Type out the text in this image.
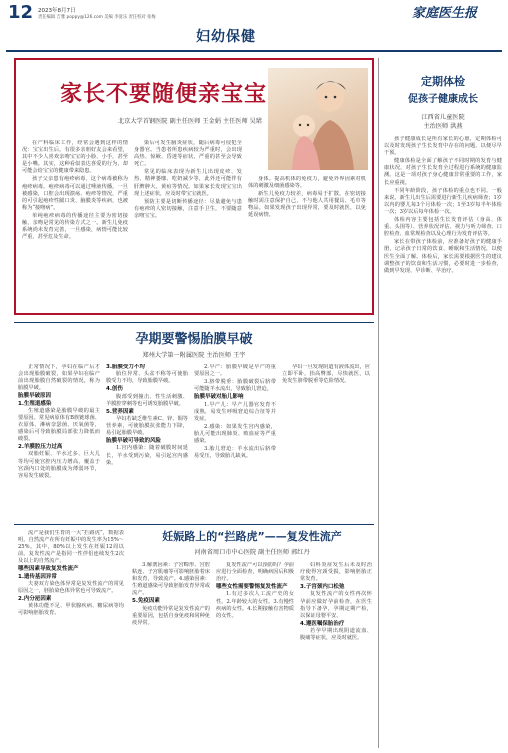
12 2023年8月7日
责任编辑 吉雅 poppy@126.com 美编 李爱乐 责任校对 张梅
妇幼保健
家庭医生报
家长不要随便亲宝宝
北京大学首钢医院 副主任医师 王金娟 主任医师 吴珺

在产科临床工作，经常会遇到这样的情况：宝宝出生后，有很多亲朋好友会来看望，其中不少人喜欢亲吻宝宝的小脸、小手，甚至是小嘴。其实，这种看似表达喜爱的行为，却可能会给宝宝的健康带来隐患。

孩子父亲患有疱疹病毒，这个病毒被称为疱疹病毒。疱疹病毒可以通过唾液传播，一旦被感染，口腔会出现溃疡、疱疹等情况，严重的可引起疱疹性龈口炎、脑膜炎等疾病，也被称为“接吻病”。

单纯疱疹病毒的传播途径主要为密切接触，亲吻是常见的传染方式之一。新生儿免疫系统尚未发育完善，一旦感染，病情可能比较严重，甚至危及生命。

染后可发生脑炎症状，随后病毒可侵犯全身器官。当患者所患疾病较为严重时，会出现高热、惊厥、昏迷等症状，严重的甚至会导致死亡。

常见的临床表现为新生儿出现皮疹、发热、精神萎靡、吃奶减少等，此外还可能伴有肝脾肿大、黄疸等情况。如果家长发现宝宝出现上述症状，应及时带宝宝就医。

预防主要是切断传播途径：尽量避免与患有疱疹的人密切接触，注意手卫生，不要随意亲吻宝宝。

身体。提高机体的免疫力，避免外界因素对机体的刺激及细菌感染等。

新生儿免疫力较差，病毒易于扩散，在密切接触时需注意保护自己，不与他人共用餐具、毛巾等物品。如果发现孩子出现异常，要及时就医，以免延误病情。

定期体检
促孩子健康成长
江西省儿童医院
主治医师 洪燕

孩子健康成长是所有家长的心愿，定期体检可以及时发现孩子生长发育中存在的问题，以便尽早干预。

健康体检是全面了解孩子不同时期的发育与健康状况，对孩子生长发育全过程进行系统的健康监测。这是一项对孩子身心健康非常重要的工作，家长应重视。

不同年龄阶段，孩子体检的重点也不同。一般来说，新生儿出生后需要进行新生儿疾病筛查；1岁以内的婴儿每3个月体检一次；1至3岁每半年体检一次；3岁以后每年体检一次。

体检内容主要包括生长发育评估（身高、体重、头围等）、营养状况评估、视力与听力筛查、口腔检查、血常规检查以及心理行为发育评估等。

家长在带孩子体检前，应准备好孩子的健康手册，记录孩子日常的饮食、睡眠和生活情况，以便医生全面了解。体检后，家长需要根据医生的建议调整孩子的饮食和生活习惯，必要时进一步检查，做到早发现、早诊断、早治疗。

孕期要警惕胎膜早破
郑州大学第一附属医院 主治医师 王宇

正常情况下，孕妇在临产后才会出现胎膜破裂，如果孕妇在临产前出现胎膜自然破裂的情况，称为胎膜早破。

胎膜早破原因
1.生殖道感染

生殖道感染是胎膜早破的最主要原因。常见病原体有B族链球菌、衣原体、淋病奈瑟菌、厌氧菌等，感染后可导致胎膜局部张力降低而破裂。

2.羊膜腔压力过高

双胎妊娠、羊水过多、巨大儿等均可使宫腔内压力增高，覆盖于宫颈内口处的胎膜成为薄弱环节，容易发生破裂。

3.胎膜受力不均

胎位异常、头盆不称等可使胎膜受力不均，导致胎膜早破。

4.创伤

腹部受到撞击、性生活刺激、羊膜腔穿刺等也可诱发胎膜早破。

5.营养因素

孕妇若缺乏维生素C、锌、铜等营养素，可使胎膜抗张能力下降，易引起胎膜早破。

胎膜早破可导致的风险

1.宫内感染：随着破膜时间延长，羊水受到污染，易引起宫内感染。

2.早产：胎膜早破是早产的重要原因之一。

3.脐带脱垂：胎膜破裂后脐带可能随羊水流出，导致胎儿窘迫。

胎膜早破对胎儿影响

1.早产儿：早产儿器官发育不成熟，易发生呼吸窘迫综合征等并发症。

2.感染：如果发生宫内感染，胎儿可能出现肺炎、败血症等严重感染。

3.胎儿窘迫：羊水流出后脐带易受压，导致胎儿缺氧。

孕妇一旦发现阴道有液体流出，应立即平卧，抬高臀部，尽快就医，以免发生脐带脱垂等危险情况。

妊娠路上的“拦路虎”——复发性流产
河南省周口市中心医院 副主任医师 郭红丹

流产是我们生育的一大“拦路虎”，数据表明，自然流产在所有妊娠中的发生率为15%～25%。其中，80%以上发生在妊娠12周以前。复发性流产是指同一性伴侣连续发生2次及以上的自然流产。

哪些因素导致复发性流产
1.遗传基因异常

夫妻双方染色体异常是复发性流产的常见原因之一，胚胎染色体异常也可导致流产。

2.内分泌因素

黄体功能不足、甲状腺疾病、糖尿病等均可影响胚胎发育。

3.解剖因素：子宫畸形、宫腔粘连、子宫肌瘤等可影响胚胎着床和发育，导致流产。4.感染因素：生殖道感染可导致胚胎发育异常或流产。

5.免疫因素

免疫功能异常是复发性流产的重要原因，包括自身免疫和同种免疫异常。

复发性流产可以预防吗？孕前应进行全面检查，明确病因后积极治疗。

哪些女性需要警惕复发性流产

1.有过多次人工流产史的女性。2.年龄较大的女性。3.有慢性疾病的女性。4.长期接触有害物质的女性。

妇科炎症发生后未及时治疗使得宫颈受损，影响胚胎正常发育。

3.子宫颈内口松弛

复发性流产的女性再次怀孕前应做好孕前检查，在医生指导下备孕，孕期定期产检，以保证母婴平安。

4.遵医嘱保胎治疗

若孕早期出现阴道流血、腹痛等症状，应及时就医。
